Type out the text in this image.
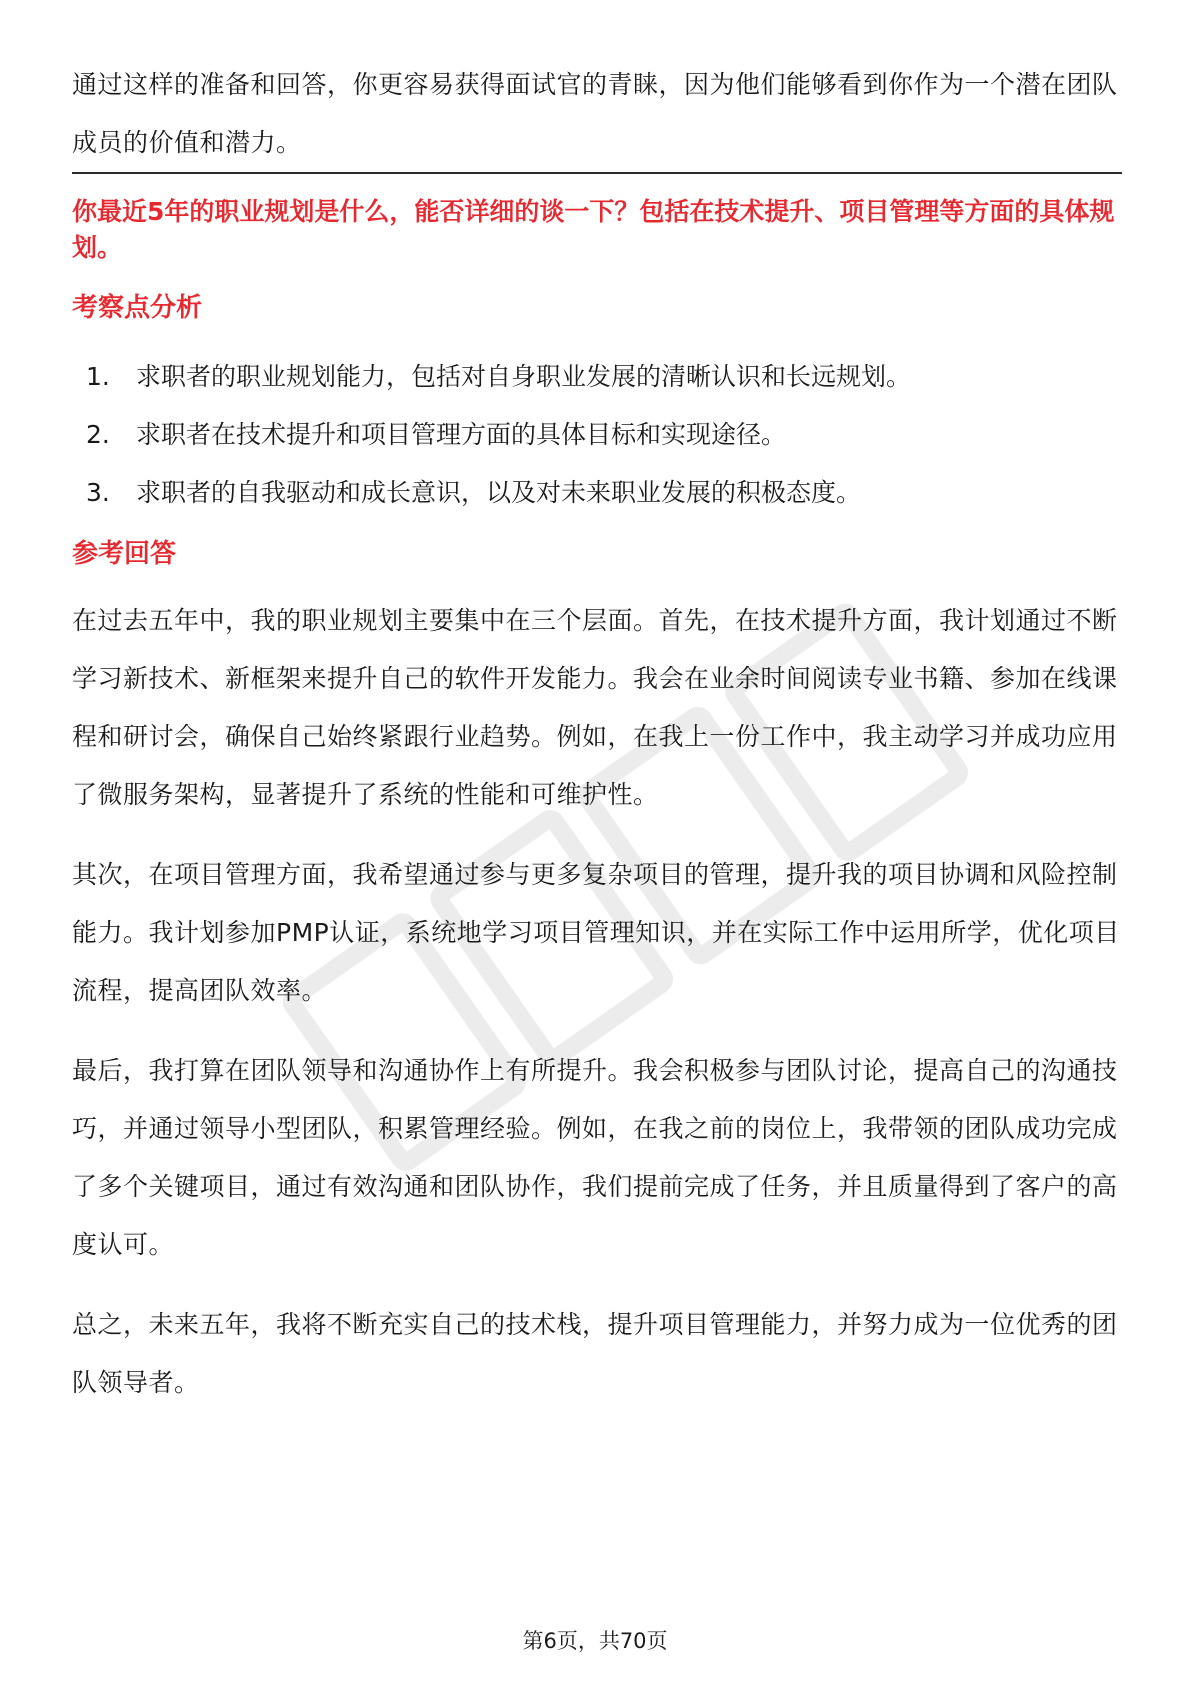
通过这样的准备和回答，你更容易获得面试官的青睐，因为他们能够看到你作为一个潜在团队成员的价值和潜力。

你最近5年的职业规划是什么，能否详细的谈一下？包括在技术提升、项目管理等方面的具体规划。

考察点分析
1.	求职者的职业规划能力，包括对自身职业发展的清晰认识和长远规划。
2.	求职者在技术提升和项目管理方面的具体目标和实现途径。
3.	求职者的自我驱动和成长意识，以及对未来职业发展的积极态度。
参考回答

在过去五年中，我的职业规划主要集中在三个层面。首先，在技术提升方面，我计划通过不断学习新技术、新框架来提升自己的软件开发能力。我会在业余时间阅读专业书籍、参加在线课程和研讨会，确保自己始终紧跟行业趋势。例如，在我上一份工作中，我主动学习并成功应用了微服务架构，显著提升了系统的性能和可维护性。

其次，在项目管理方面，我希望通过参与更多复杂项目的管理，提升我的项目协调和风险控制能力。我计划参加PMP认证，系统地学习项目管理知识，并在实际工作中运用所学，优化项目流程，提高团队效率。

最后，我打算在团队领导和沟通协作上有所提升。我会积极参与团队讨论，提高自己的沟通技巧，并通过领导小型团队，积累管理经验。例如，在我之前的岗位上，我带领的团队成功完成了多个关键项目，通过有效沟通和团队协作，我们提前完成了任务，并且质量得到了客户的高度认可。

总之，未来五年，我将不断充实自己的技术栈，提升项目管理能力，并努力成为一位优秀的团队领导者。

第6页，共70页
